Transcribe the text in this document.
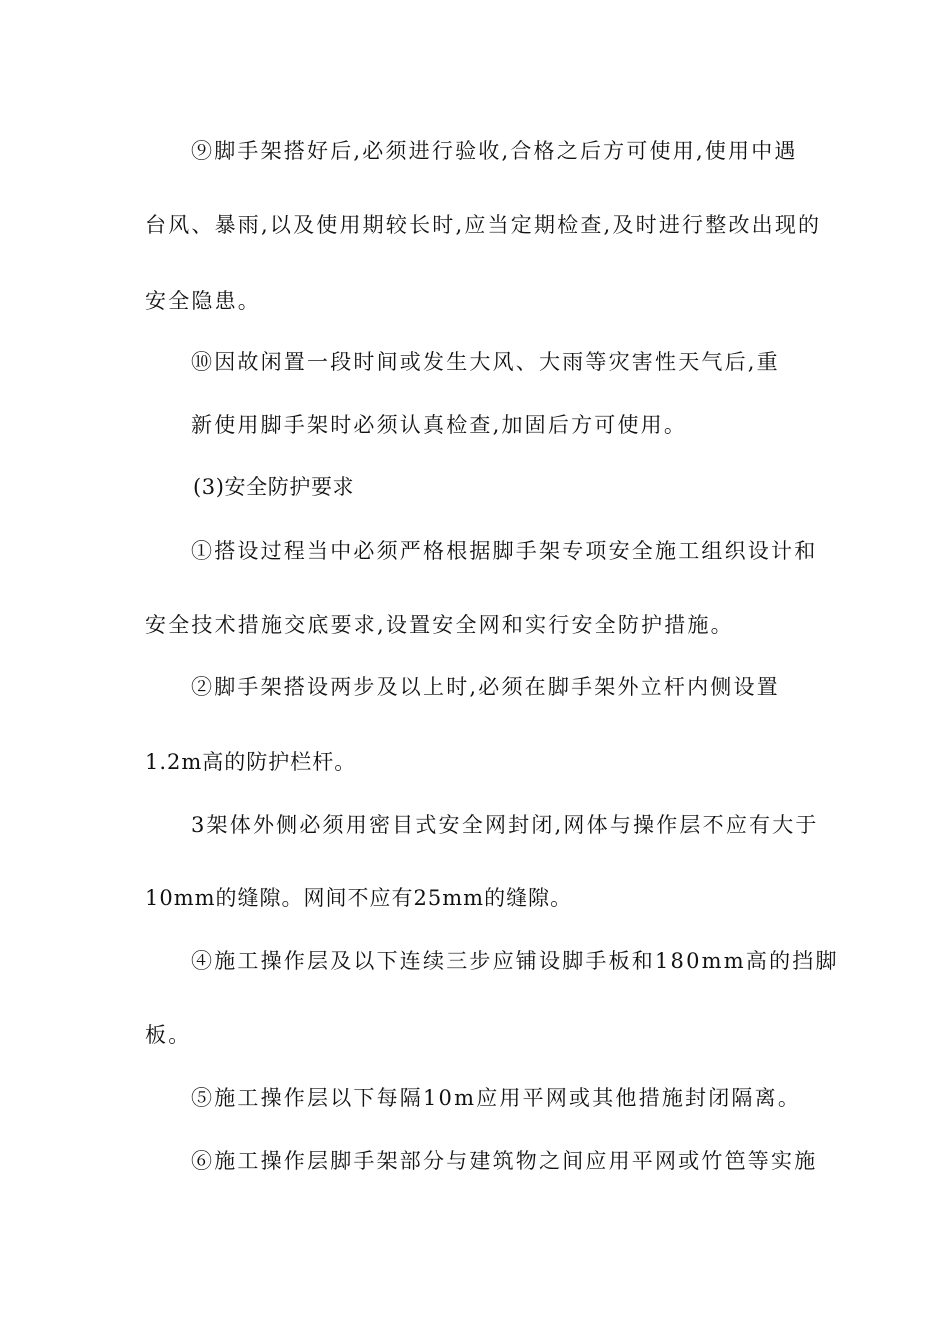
⑨脚手架搭好后,必须进行验收,合格之后方可使用,使用中遇
台风、暴雨,以及使用期较长时,应当定期检查,及时进行整改出现的
安全隐患。
⑩因故闲置一段时间或发生大风、大雨等灾害性天气后,重
新使用脚手架时必须认真检查,加固后方可使用。
(3)安全防护要求
①搭设过程当中必须严格根据脚手架专项安全施工组织设计和
安全技术措施交底要求,设置安全网和实行安全防护措施。
②脚手架搭设两步及以上时,必须在脚手架外立杆内侧设置
1.2m高的防护栏杆。
3架体外侧必须用密目式安全网封闭,网体与操作层不应有大于
10mm的缝隙。网间不应有25mm的缝隙。
④施工操作层及以下连续三步应铺设脚手板和180mm高的挡脚
板。
⑤施工操作层以下每隔10m应用平网或其他措施封闭隔离。
⑥施工操作层脚手架部分与建筑物之间应用平网或竹笆等实施
